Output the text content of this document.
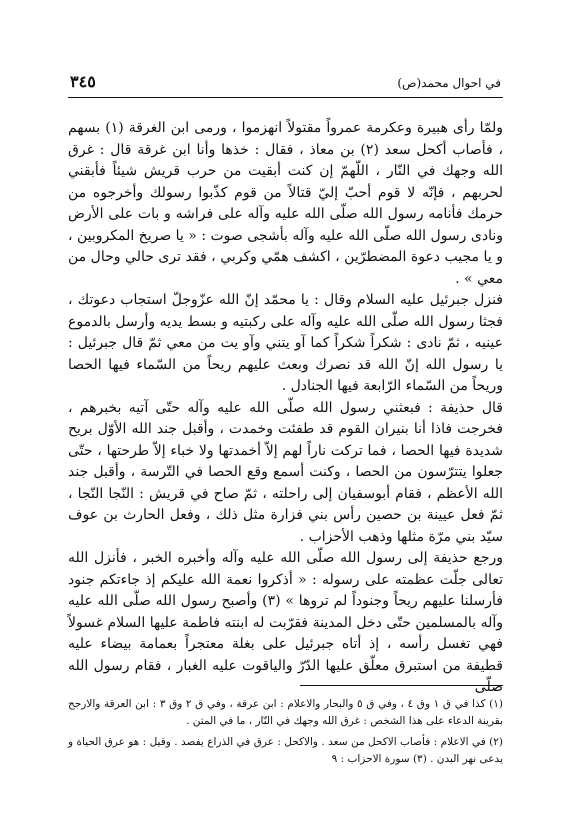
في احوال محمد(ص)
٣٤٥

ولمّا رأى هبيرة وعكرمة عمرواً مقتولاً انهزموا ، ورمى ابن الغرقة (١) بسهم ، فأصاب أكحل سعد (٢) بن معاذ ، فقال : خذها وأنا ابن غرقة قال : غرق الله وجهك في النّار ، اللّهمّ إن كنت أبقيت من حرب قريش شيئاً فأبقني لحربهم ، فإنّه لا قوم أحبّ إليّ قتالاً من قوم كذّبوا رسولك وأخرجوه من حرمك فأنامه رسول الله صلّى الله عليه وآله على فراشه و بات على الأرض ونادى رسول الله صلّى الله عليه وآله بأشجى صوت : « يا صريخ المكروبين ، و يا مجيب دعوة المضطرّين ، اكشف همّي وكربي ، فقد ترى حالي وحال من معي » .

فنزل جبرئيل عليه السلام وقال : يا محمّد إنّ الله عزّوجلّ استجاب دعوتك ، فجثا رسول الله صلّى الله عليه وآله على ركبتيه و بسط يديه وأرسل بالدموع عينيه ، ثمّ نادى : شكراً شكراً كما آو يتني وآو يت من معي ثمّ قال جبرئيل : يا رسول الله إنّ الله قد نصرك وبعث عليهم ريحاً من السّماء فيها الحصا وريحاً من السّماء الرّابعة فيها الجنادل .

قال حذيفة : فبعثني رسول الله صلّى الله عليه وآله حتّى آتيه بخبرهم ، فخرجت فاذا أنا بنيران القوم قد طفئت وخمدت ، وأقبل جند الله الأوّل بريح شديدة فيها الحصا ، فما تركت ناراً لهم إلاّ أخمدتها ولا خباء إلاّ طرحتها ، حتّى جعلوا يتترّسون من الحصا ، وكنت أسمع وقع الحصا في التّرسة ، وأقبل جند الله الأعظم ، فقام أبوسفيان إلى راحلته ، ثمّ صاح في قريش : النّجا النّجا ، ثمّ فعل عيينة بن حصين رأس بني فزارة مثل ذلك ، وفعل الحارث بن عوف سيّد بني مرّة مثلها وذهب الأحزاب .

ورجع حذيفة إلى رسول الله صلّى الله عليه وآله وأخبره الخبر ، فأنزل الله تعالى جلّت عظمته على رسوله : « أذكروا نعمة الله عليكم إذ جاءتكم جنود فأرسلنا عليهم ريحاً وجنوداً لم تروها » (٣) وأصبح رسول الله صلّى الله عليه وآله بالمسلمين حتّى دخل المدينة فقرّبت له ابنته فاطمة عليها السلام غسولاً فهي تغسل رأسه ، إذ أتاه جبرئيل على بغلة معتجراً بعمامة بيضاء عليه قطيفة من استبرق معلّق عليها الدّرّ والياقوت عليه الغبار ، فقام رسول الله صلّى

(١) كذا في ق ١ وق ٤ ، وفي ق ٥ والبحار والاعلام : ابن عرقة ، وفي ق ٢ وق ٣ : ابن العرقة والارجح بقرينة الدعاء على هذا الشخص : غرق الله وجهك في النّار ، ما في المتن .

(٢) في الاعلام : فأصاب الاكحل من سعد . والاكحل : عرق في الذراع يفصد . وقيل : هو عرق الحياة و يدعى نهر البدن . (٣) سورة الاحزاب : ٩
